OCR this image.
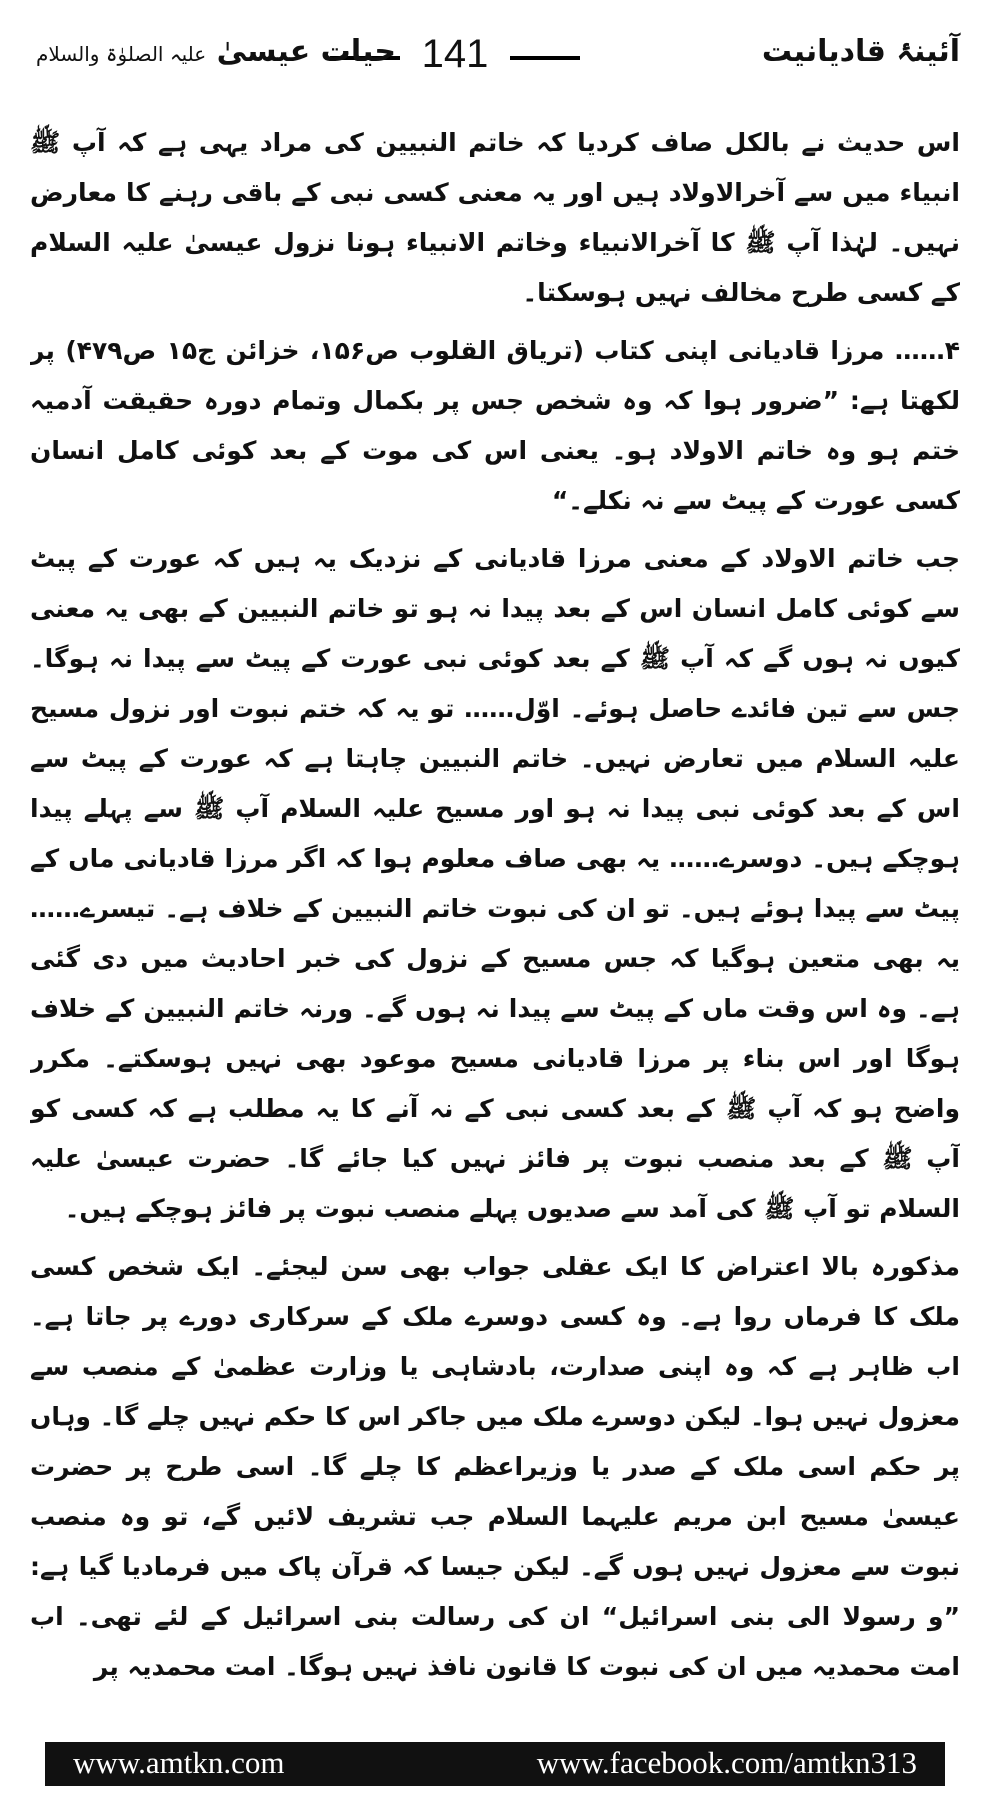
آئینۂ قادیانیت
141
حیات عیسیٰ علیہ الصلوٰۃ والسلام

اس حدیث نے بالکل صاف کردیا کہ خاتم النبیین کی مراد یہی ہے کہ آپ ﷺ انبیاء میں سے آخرالاولاد ہیں اور یہ معنی کسی نبی کے باقی رہنے کا معارض نہیں۔ لہٰذا آپ ﷺ کا آخرالانبیاء وخاتم الانبیاء ہونا نزول عیسیٰ علیہ السلام کے کسی طرح مخالف نہیں ہوسکتا۔

۴…… مرزا قادیانی اپنی کتاب (تریاق القلوب ص۱۵۶، خزائن ج۱۵ ص۴۷۹) پر لکھتا ہے: ”ضرور ہوا کہ وہ شخص جس پر بکمال وتمام دورہ حقیقت آدمیہ ختم ہو وہ خاتم الاولاد ہو۔ یعنی اس کی موت کے بعد کوئی کامل انسان کسی عورت کے پیٹ سے نہ نکلے۔“

جب خاتم الاولاد کے معنی مرزا قادیانی کے نزدیک یہ ہیں کہ عورت کے پیٹ سے کوئی کامل انسان اس کے بعد پیدا نہ ہو تو خاتم النبیین کے بھی یہ معنی کیوں نہ ہوں گے کہ آپ ﷺ کے بعد کوئی نبی عورت کے پیٹ سے پیدا نہ ہوگا۔ جس سے تین فائدے حاصل ہوئے۔ اوّل…… تو یہ کہ ختم نبوت اور نزول مسیح علیہ السلام میں تعارض نہیں۔ خاتم النبیین چاہتا ہے کہ عورت کے پیٹ سے اس کے بعد کوئی نبی پیدا نہ ہو اور مسیح علیہ السلام آپ ﷺ سے پہلے پیدا ہوچکے ہیں۔ دوسرے…… یہ بھی صاف معلوم ہوا کہ اگر مرزا قادیانی ماں کے پیٹ سے پیدا ہوئے ہیں۔ تو ان کی نبوت خاتم النبیین کے خلاف ہے۔ تیسرے…… یہ بھی متعین ہوگیا کہ جس مسیح کے نزول کی خبر احادیث میں دی گئی ہے۔ وہ اس وقت ماں کے پیٹ سے پیدا نہ ہوں گے۔ ورنہ خاتم النبیین کے خلاف ہوگا اور اس بناء پر مرزا قادیانی مسیح موعود بھی نہیں ہوسکتے۔ مکرر واضح ہو کہ آپ ﷺ کے بعد کسی نبی کے نہ آنے کا یہ مطلب ہے کہ کسی کو آپ ﷺ کے بعد منصب نبوت پر فائز نہیں کیا جائے گا۔ حضرت عیسیٰ علیہ السلام تو آپ ﷺ کی آمد سے صدیوں پہلے منصب نبوت پر فائز ہوچکے ہیں۔

مذکورہ بالا اعتراض کا ایک عقلی جواب بھی سن لیجئے۔ ایک شخص کسی ملک کا فرماں روا ہے۔ وہ کسی دوسرے ملک کے سرکاری دورے پر جاتا ہے۔ اب ظاہر ہے کہ وہ اپنی صدارت، بادشاہی یا وزارت عظمیٰ کے منصب سے معزول نہیں ہوا۔ لیکن دوسرے ملک میں جاکر اس کا حکم نہیں چلے گا۔ وہاں پر حکم اسی ملک کے صدر یا وزیراعظم کا چلے گا۔ اسی طرح پر حضرت عیسیٰ مسیح ابن مریم علیہما السلام جب تشریف لائیں گے، تو وہ منصب نبوت سے معزول نہیں ہوں گے۔ لیکن جیسا کہ قرآن پاک میں فرمادیا گیا ہے: ”و رسولا الی بنی اسرائیل“ ان کی رسالت بنی اسرائیل کے لئے تھی۔ اب امت محمدیہ میں ان کی نبوت کا قانون نافذ نہیں ہوگا۔ امت محمدیہ پر

www.amtkn.com	www.facebook.com/amtkn313
